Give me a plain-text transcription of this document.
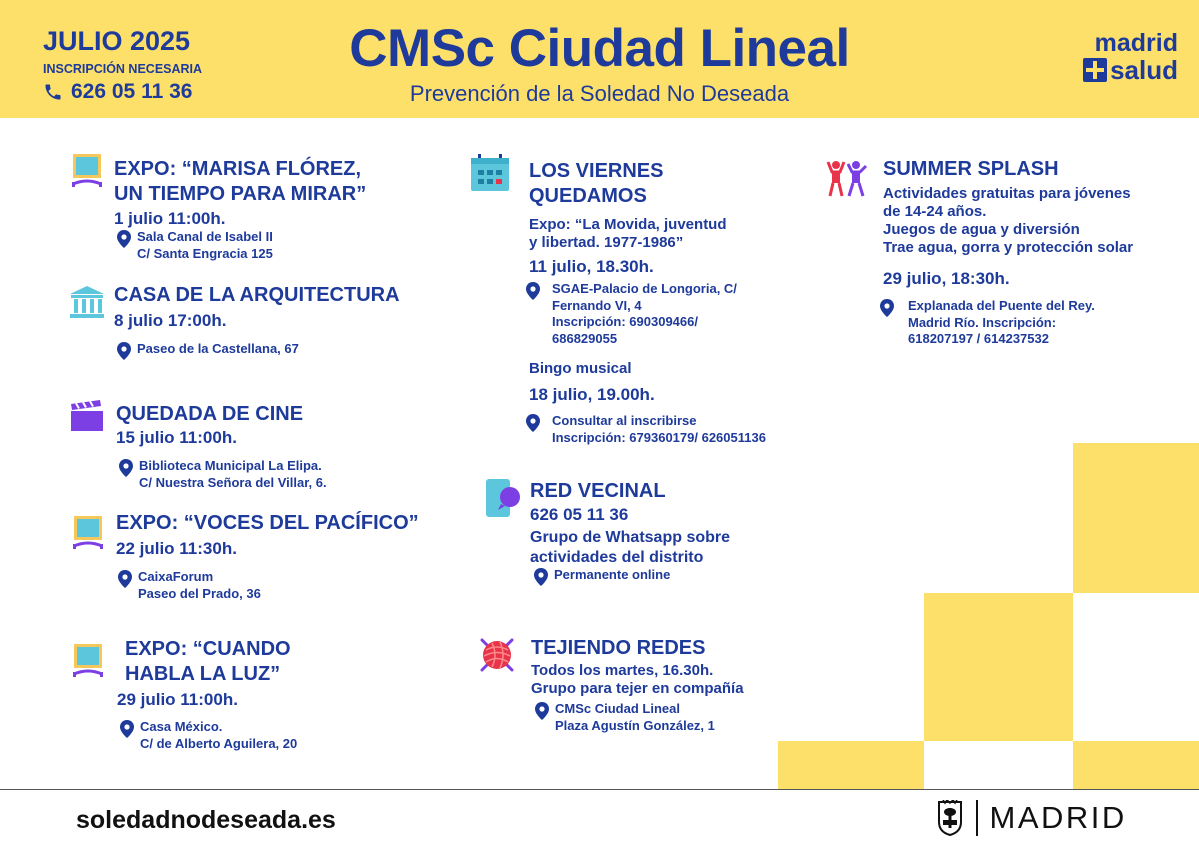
JULIO 2025
INSCRIPCIÓN NECESARIA
626 05 11 36
CMSc Ciudad Lineal
Prevención de la Soledad No Deseada
madrid
salud
EXPO: “MARISA FLÓREZ,
UN TIEMPO PARA MIRAR”
1 julio 11:00h.
Sala Canal de Isabel II
C/ Santa Engracia 125
CASA DE LA ARQUITECTURA
8 julio 17:00h.
Paseo de la Castellana, 67
QUEDADA DE CINE
15 julio 11:00h.
Biblioteca Municipal La Elipa.
C/ Nuestra Señora del Villar, 6.
EXPO: “VOCES DEL PACÍFICO”
22 julio 11:30h.
CaixaForum
Paseo del Prado, 36
EXPO: “CUANDO
HABLA LA LUZ”
29 julio 11:00h.
Casa México.
C/ de Alberto Aguilera, 20
LOS VIERNES
QUEDAMOS
Expo: “La Movida, juventud
y libertad. 1977-1986”
11 julio, 18.30h.
SGAE-Palacio de Longoria, C/
Fernando VI, 4
Inscripción: 690309466/
686829055
Bingo musical
18 julio, 19.00h.
Consultar al inscribirse
Inscripción: 679360179/ 626051136
RED VECINAL
626 05 11 36
Grupo de Whatsapp sobre
actividades del distrito
Permanente online
TEJIENDO REDES
Todos los martes, 16.30h.
Grupo para tejer en compañía
CMSc Ciudad Lineal
Plaza Agustín González, 1
SUMMER SPLASH
Actividades gratuitas para jóvenes
de 14-24 años.
Juegos de agua y diversión
Trae agua, gorra y protección solar
29 julio, 18:30h.
Explanada del Puente del Rey.
Madrid Río. Inscripción:
618207197 / 614237532
soledadnodeseada.es	MADRID
